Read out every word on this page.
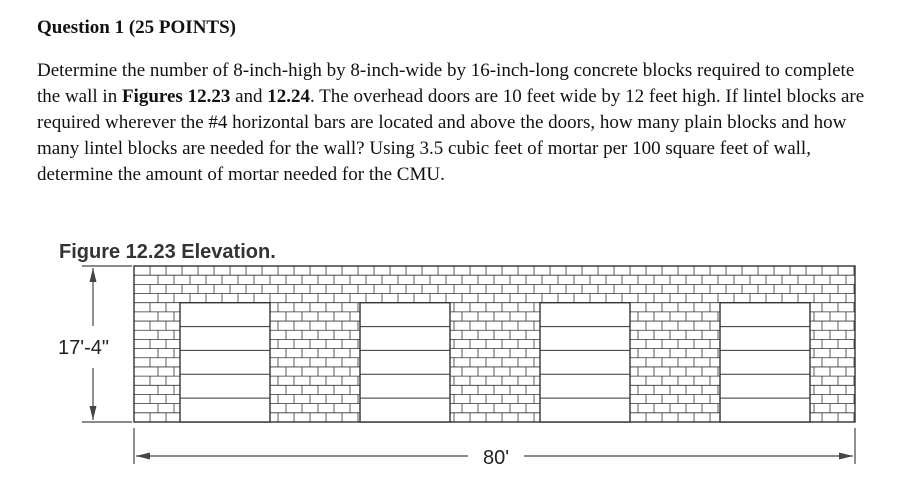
Question 1 (25 POINTS)

Determine the number of 8-inch-high by 8-inch-wide by 16-inch-long concrete blocks required to complete the wall in Figures 12.23 and 12.24. The overhead doors are 10 feet wide by 12 feet high. If lintel blocks are required wherever the #4 horizontal bars are located and above the doors, how many plain blocks and how many lintel blocks are needed for the wall? Using 3.5 cubic feet of mortar per 100 square feet of wall, determine the amount of mortar needed for the CMU.

Figure 12.23 Elevation.
17'-4"
80'
